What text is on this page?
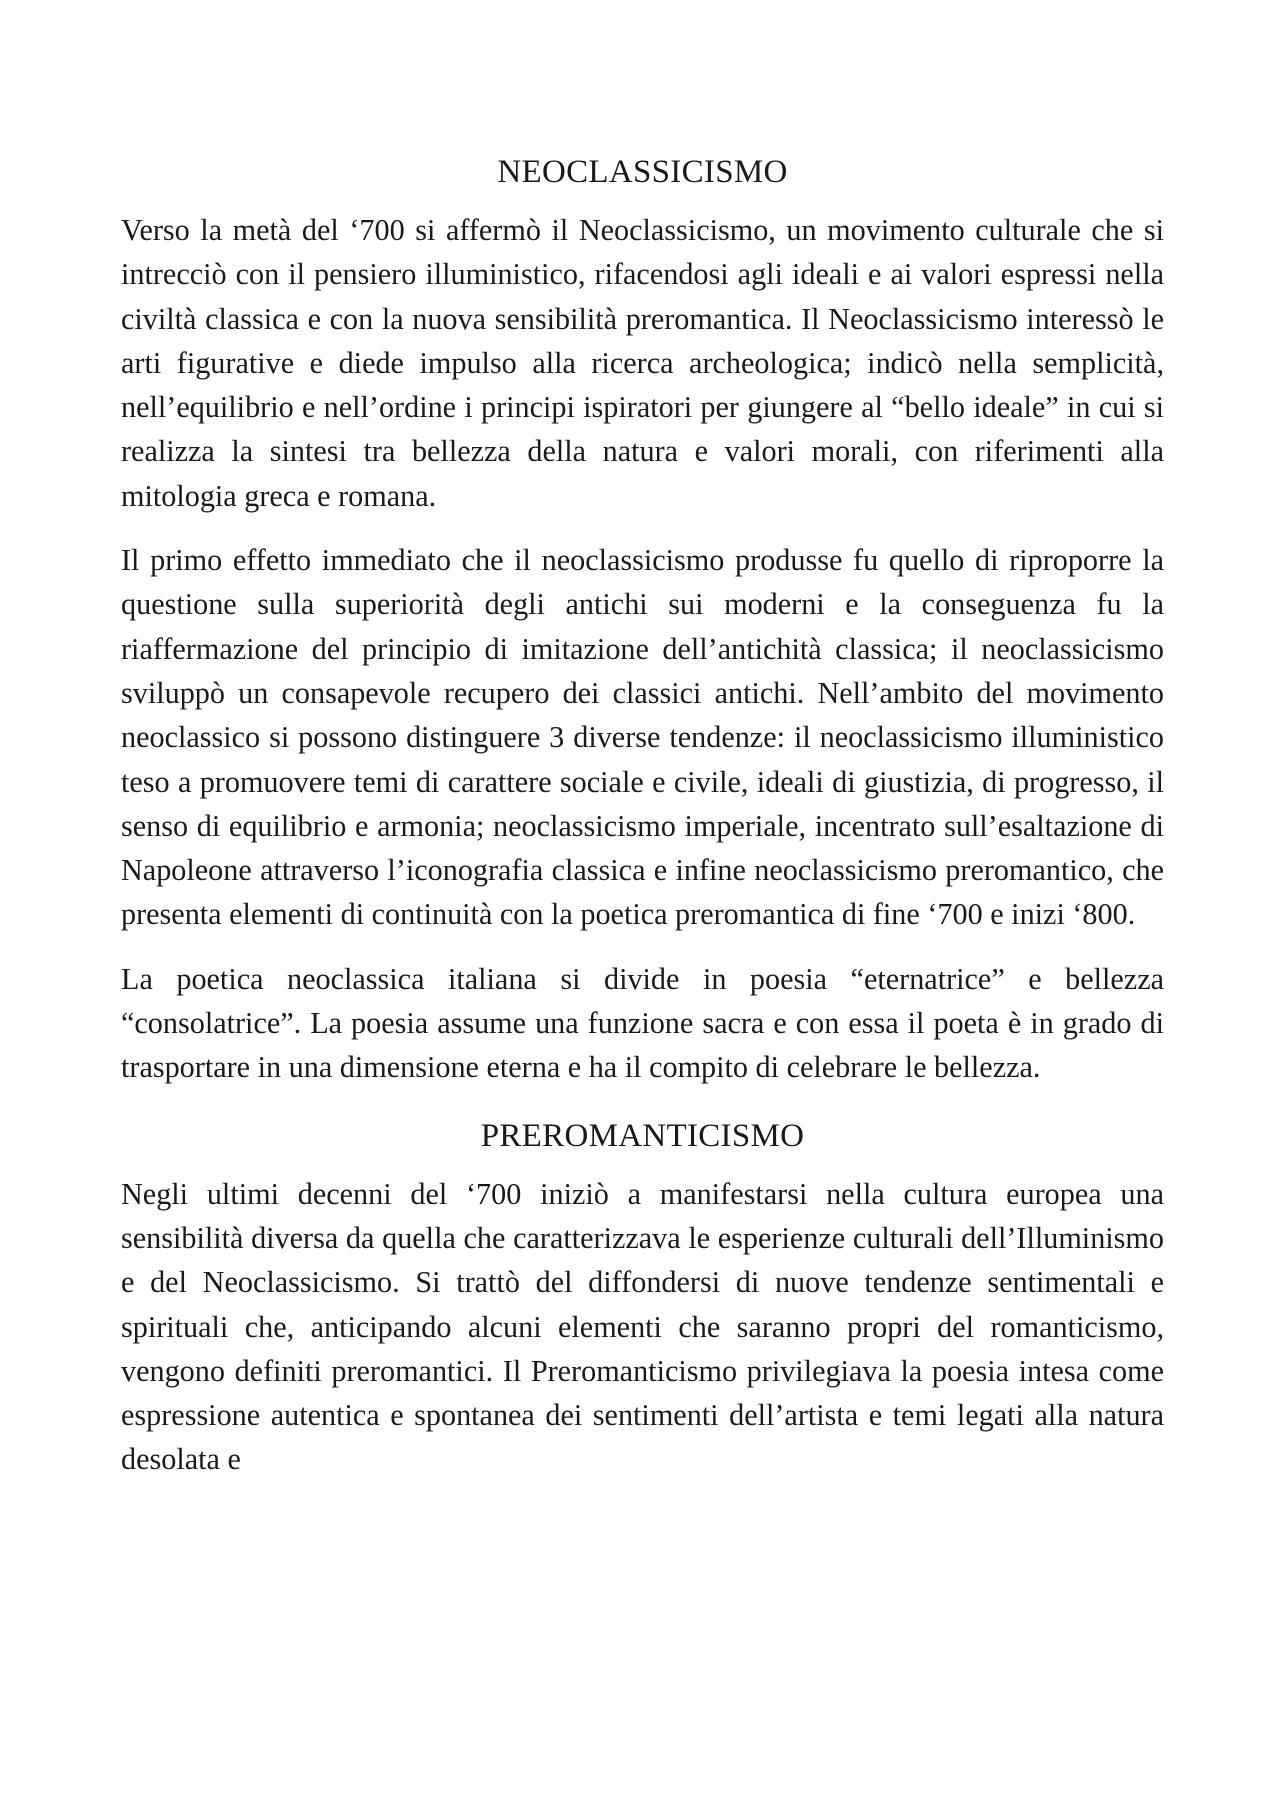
NEOCLASSICISMO

Verso la metà del ‘700 si affermò il Neoclassicismo, un movimento culturale che si intrecciò con il pensiero illuministico, rifacendosi agli ideali e ai valori espressi nella civiltà classica e con la nuova sensibilità preromantica. Il Neoclassicismo interessò le arti figurative e diede impulso alla ricerca archeologica; indicò nella semplicità, nell’equilibrio e nell’ordine i principi ispiratori per giungere al “bello ideale” in cui si realizza la sintesi tra bellezza della natura e valori morali, con riferimenti alla mitologia greca e romana.

Il primo effetto immediato che il neoclassicismo produsse fu quello di riproporre la questione sulla superiorità degli antichi sui moderni e la conseguenza fu la riaffermazione del principio di imitazione dell’antichità classica; il neoclassicismo sviluppò un consapevole recupero dei classici antichi. Nell’ambito del movimento neoclassico si possono distinguere 3 diverse tendenze: il neoclassicismo illuministico teso a promuovere temi di carattere sociale e civile, ideali di giustizia, di progresso, il senso di equilibrio e armonia; neoclassicismo imperiale, incentrato sull’esaltazione di Napoleone attraverso l’iconografia classica e infine neoclassicismo preromantico, che presenta elementi di continuità con la poetica preromantica di fine ‘700 e inizi ‘800.

La poetica neoclassica italiana si divide in poesia “eternatrice” e bellezza “consolatrice”. La poesia assume una funzione sacra e con essa il poeta è in grado di trasportare in una dimensione eterna e ha il compito di celebrare le bellezza.

PREROMANTICISMO

Negli ultimi decenni del ‘700 iniziò a manifestarsi nella cultura europea una sensibilità diversa da quella che caratterizzava le esperienze culturali dell’Illuminismo e del Neoclassicismo. Si trattò del diffondersi di nuove tendenze sentimentali e spirituali che, anticipando alcuni elementi che saranno propri del romanticismo, vengono definiti preromantici. Il Preromanticismo privilegiava la poesia intesa come espressione autentica e spontanea dei sentimenti dell’artista e temi legati alla natura desolata e
